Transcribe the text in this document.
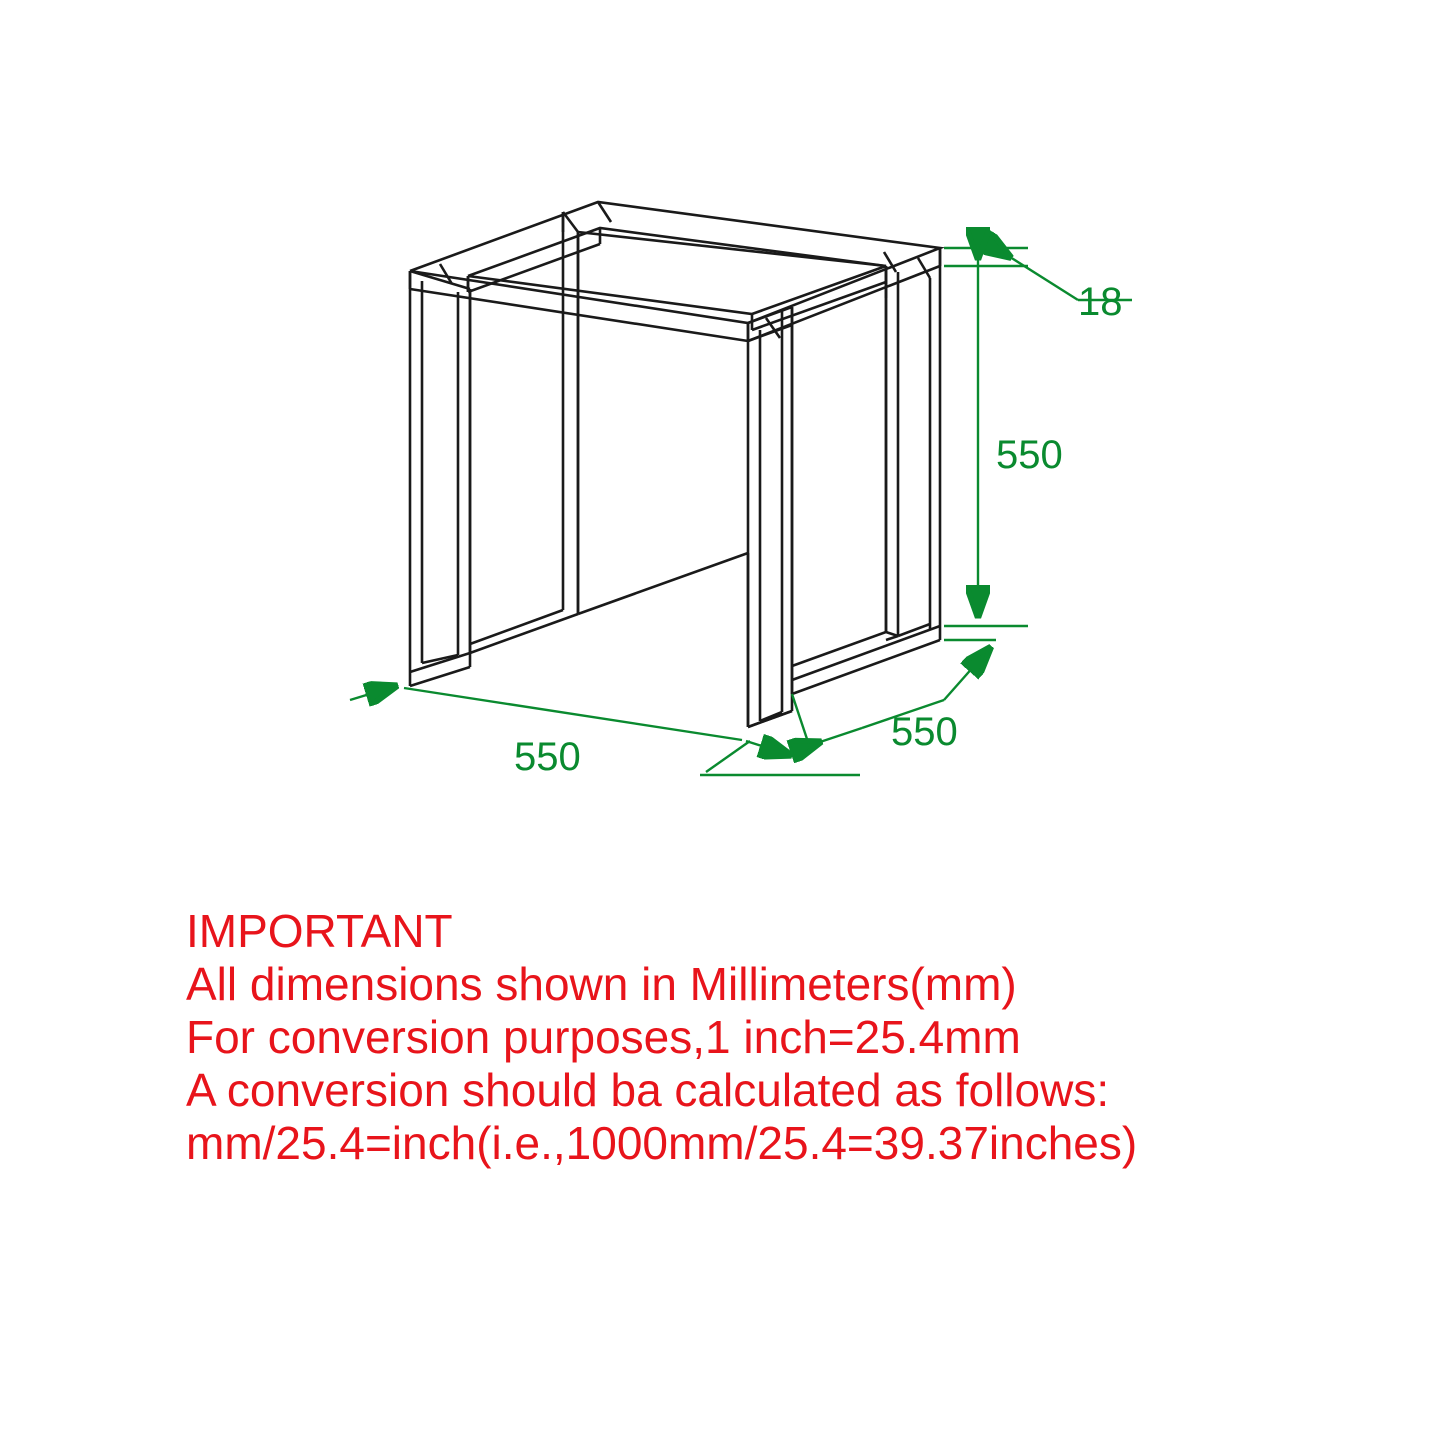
18
550
550
550
IMPORTANT
All dimensions shown in Millimeters(mm)
For conversion purposes,1 inch=25.4mm
A conversion should ba calculated as follows:
mm/25.4=inch(i.e.,1000mm/25.4=39.37inches)
